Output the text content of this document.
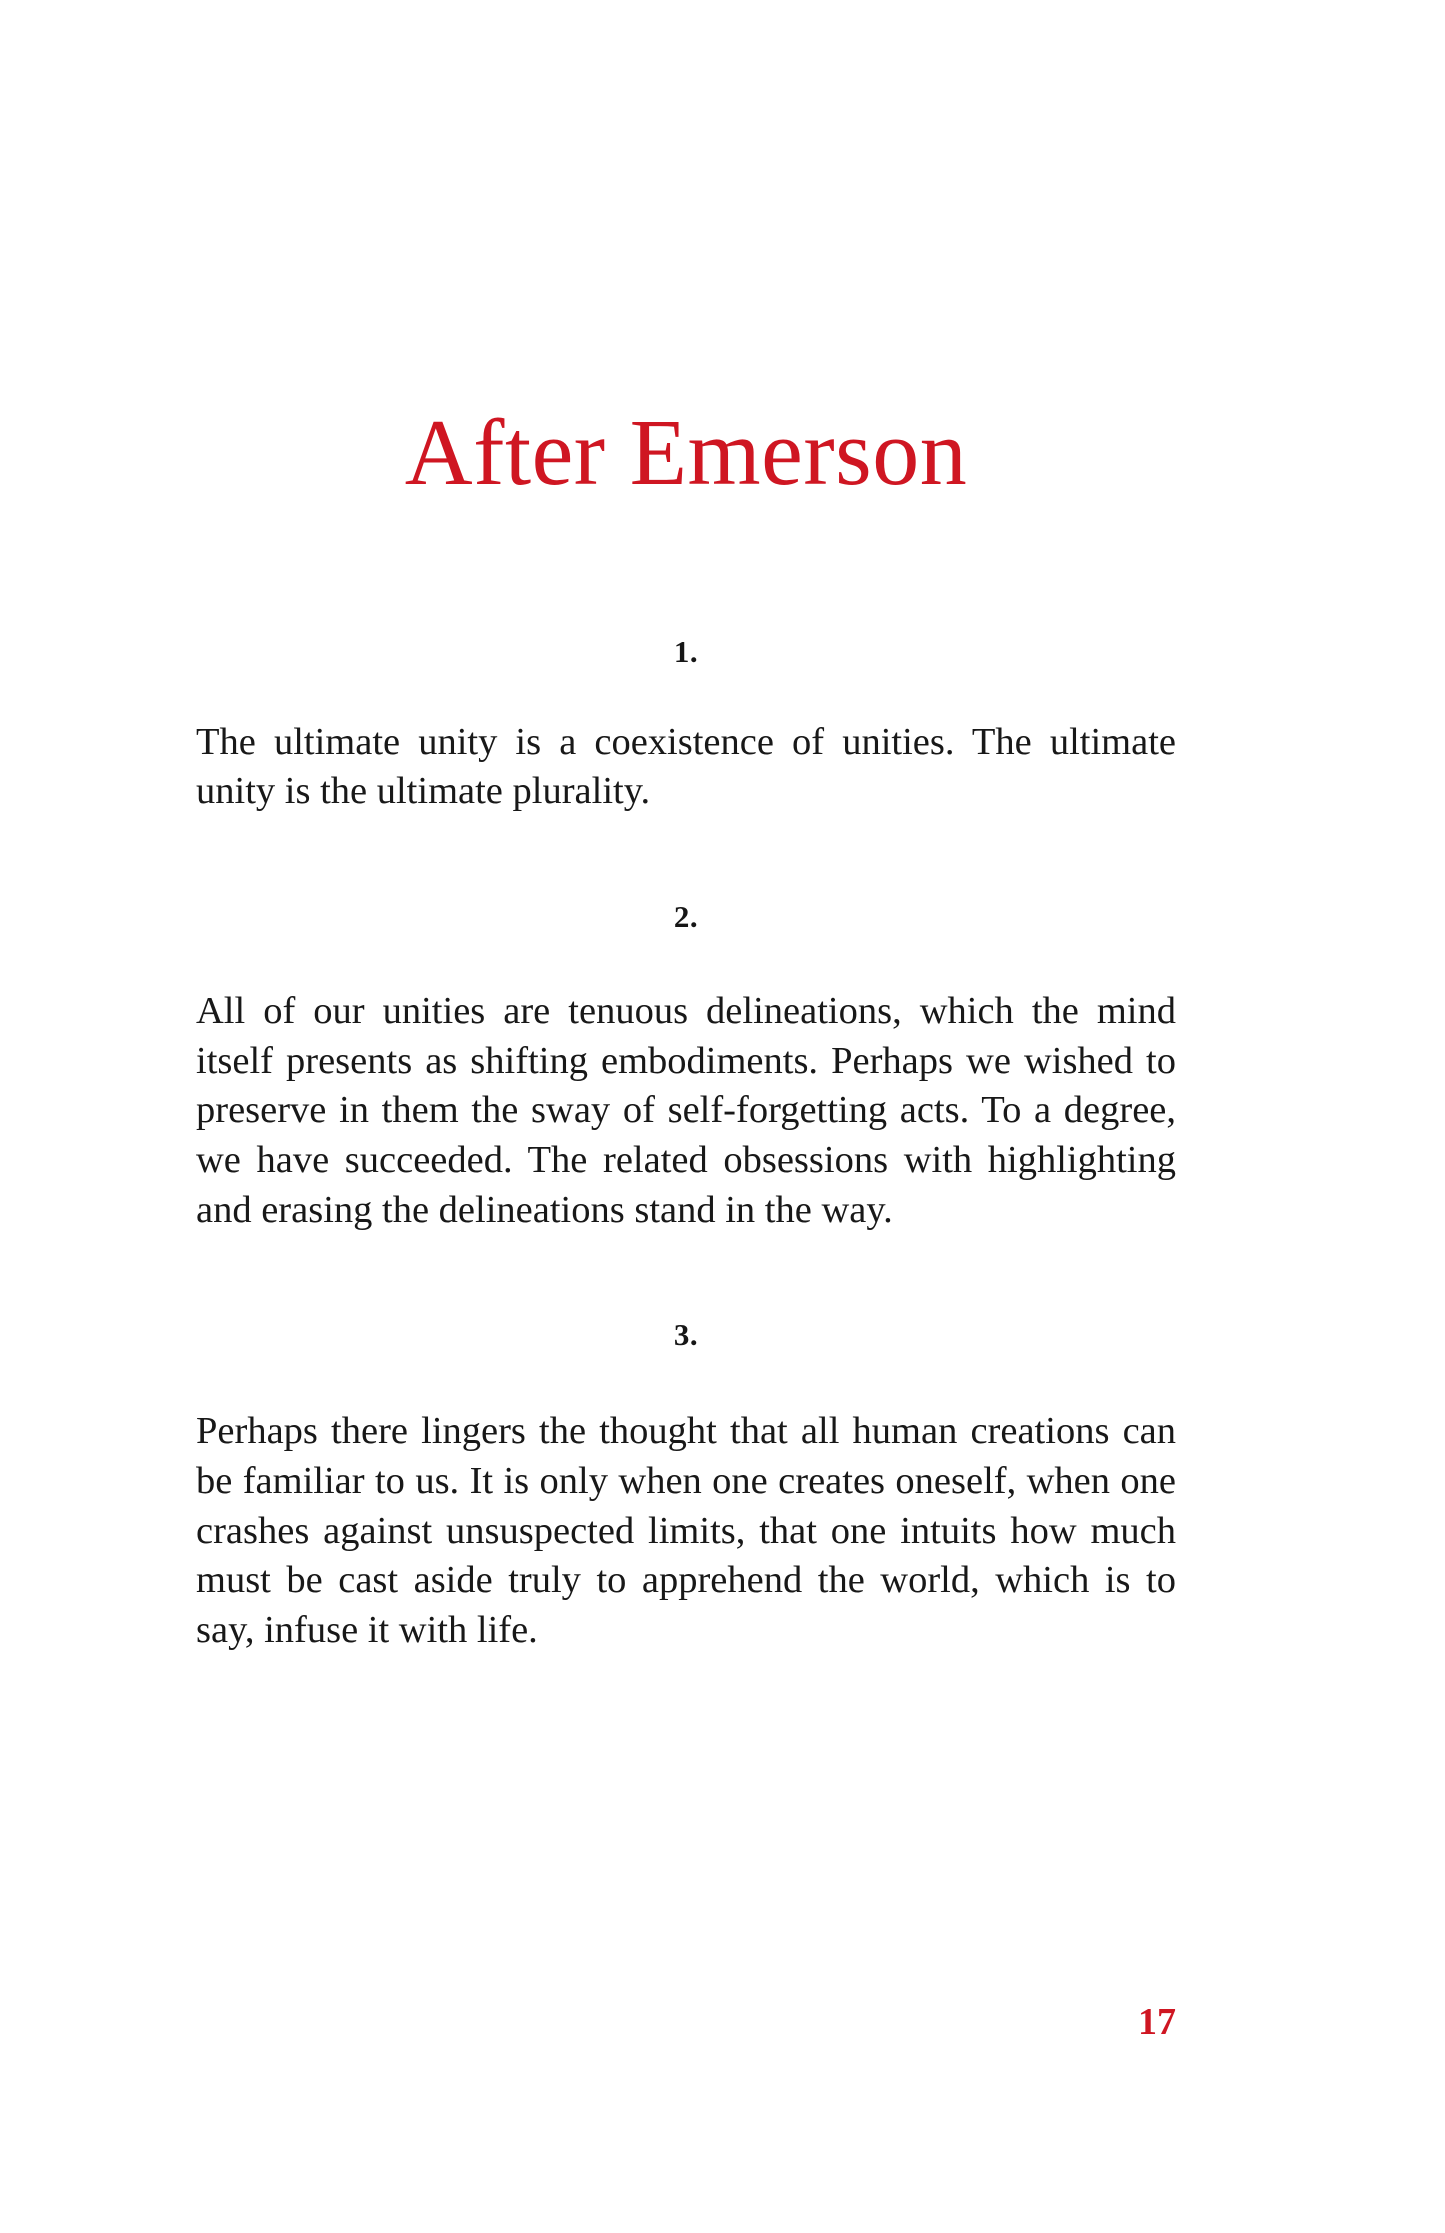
After Emerson
1.

The ultimate unity is a coexistence of unities. The ultimate unity is the ultimate plurality.

2.

All of our unities are tenuous delineations, which the mind itself presents as shifting embodiments. Perhaps we wished to preserve in them the sway of self-forgetting acts. To a degree, we have succeeded. The related obsessions with highlighting and erasing the delineations stand in the way.

3.

Perhaps there lingers the thought that all human creations can be familiar to us. It is only when one creates oneself, when one crashes against unsuspected limits, that one intuits how much must be cast aside truly to apprehend the world, which is to say, infuse it with life.

17
